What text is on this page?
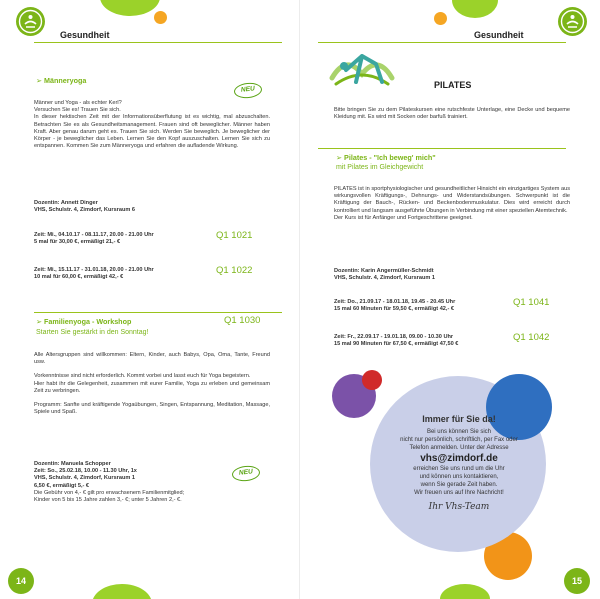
Gesundheit
➢ Männeryoga
NEU

Männer und Yoga - als echter Kerl?

Versuchen Sie es! Trauen Sie sich.

In dieser hektischen Zeit mit der Informationsüberflutung ist es wichtig, mal abzuschalten. Betrachten Sie es als Gesundheitsmanagement. Frauen sind oft beweglicher. Männer haben Kraft. Aber genau darum geht es. Trauen Sie sich. Werden Sie beweglich. Je beweglicher der Körper - je beweglicher das Leben. Lernen Sie den Kopf auszuschalten. Lernen Sie sich zu entspannen. Kommen Sie zum Männeryoga und erfahren die aufladende Wirkung.

Dozentin: Annett Dinger

VHS, Schulstr. 4, Zimdorf, Kursraum 6

Zeit: Mi., 04.10.17 - 08.11.17, 20.00 - 21.00 Uhr

5 mal für 30,00 €, ermäßigt 21,- €

Q1 1021

Zeit: Mi., 15.11.17 - 31.01.18, 20.00 - 21.00 Uhr

10 mal für 60,00 €, ermäßigt 42,- €

Q1 1022
➢ Familienyoga - Workshop	Q1 1030
Starten Sie gestärkt in den Sonntag!

Alle Altersgruppen sind willkommen: Eltern, Kinder, auch Babys, Opa, Oma, Tante, Freund usw.

Vorkenntnisse sind nicht erforderlich. Kommt vorbei und lasst euch für Yoga begeistern.

Hier habt ihr die Gelegenheit, zusammen mit eurer Familie, Yoga zu erleben und gemeinsam Zeit zu verbringen.

Programm: Sanfte und kräftigende Yogaübungen, Singen, Entspannung, Meditation, Massage, Spiele und Spaß.

Dozentin: Manuela Schopper

Zeit: So., 25.02.18, 10.00 - 11.30 Uhr, 1x

VHS, Schulstr. 4, Zimdorf, Kursraum 1

6,50 €, ermäßigt 5,- €

Die Gebühr von 4,- € gilt pro erwachsenem Familienmitglied;

Kinder von 5 bis 15 Jahre zahlen 3,- €; unter 5 Jahren 2,- €.

NEU
14
Gesundheit
PILATES
Bitte bringen Sie zu dem Pilateskursen eine rutschfeste Unterlage, eine Decke und bequeme Kleidung mit. Es wird mit Socken oder barfuß trainiert.
➢ Pilates - "Ich beweg' mich"
mit Pilates im Gleichgewicht

PILATES ist in sportphysiologischer und gesundheitlicher Hinsicht ein einzigartiges System aus wirkungsvollen Kräftigungs-, Dehnungs- und Widerstandsübungen. Schwerpunkt ist die Kräftigung der Bauch-, Rücken- und Beckenbodenmuskulatur. Dies wird erreicht durch kontrolliert und langsam ausgeführte Übungen in Verbindung mit einer speziellen Atemtechnik.

Der Kurs ist für Anfänger und Fortgeschrittene geeignet.

Dozentin: Karin Angermüller-Schmidt

VHS, Schulstr. 4, Zimdorf, Kursraum 1

Zeit: Do., 21.09.17 - 18.01.18, 19.45 - 20.45 Uhr

15 mal 60 Minuten für 59,50 €, ermäßigt 42,- €

Q1 1041

Zeit: Fr., 22.09.17 - 19.01.18, 09.00 - 10.30 Uhr

15 mal 90 Minuten für 67,50 €, ermäßigt 47,50 €

Q1 1042
Immer für Sie da!
Bei uns können Sie sich
nicht nur persönlich, schriftlich, per Fax oder
Telefon anmelden. Unter der Adresse
vhs@zimdorf.de
erreichen Sie uns rund um die Uhr
und können uns kontaktieren,
wenn Sie gerade Zeit haben.
Wir freuen uns auf Ihre Nachricht!
Ihr Vhs-Team
15
